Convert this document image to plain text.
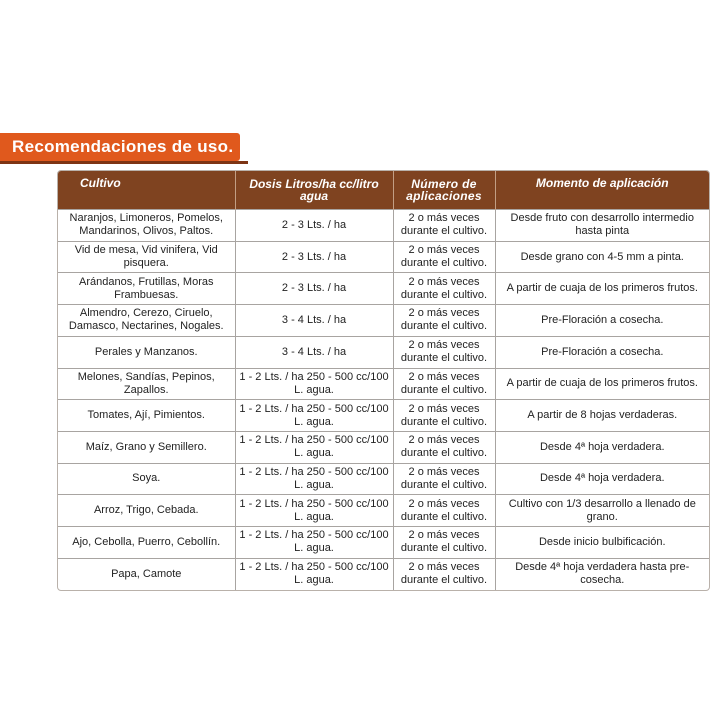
Recomendaciones de uso.
Cultivo	Dosis Litros/ha cc/litro agua	Número de aplicaciones	Momento de aplicación
Naranjos, Limoneros, Pomelos, Mandarinos, Olivos, Paltos.	2 - 3 Lts. / ha	2 o más veces durante el cultivo.	Desde fruto con desarrollo intermedio hasta pinta
Vid de mesa, Vid vinifera, Vid pisquera.	2 - 3 Lts. / ha	2 o más veces durante el cultivo.	Desde grano con 4-5 mm a pinta.
Arándanos, Frutillas, Moras Frambuesas.	2 - 3 Lts. / ha	2 o más veces durante el cultivo.	A partir de cuaja de los primeros frutos.
Almendro, Cerezo, Ciruelo, Damasco, Nectarines, Nogales.	3 - 4 Lts. / ha	2 o más veces durante el cultivo.	Pre-Floración a cosecha.
Perales y Manzanos.	3 - 4 Lts. / ha	2 o más veces durante el cultivo.	Pre-Floración a cosecha.
Melones, Sandías, Pepinos, Zapallos.	1 - 2 Lts. / ha 250 - 500 cc/100 L. agua.	2 o más veces durante el cultivo.	A partir de cuaja de los primeros frutos.
Tomates, Ají, Pimientos.	1 - 2 Lts. / ha 250 - 500 cc/100 L. agua.	2 o más veces durante el cultivo.	A partir de 8 hojas verdaderas.
Maíz, Grano y Semillero.	1 - 2 Lts. / ha 250 - 500 cc/100 L. agua.	2 o más veces durante el cultivo.	Desde 4ª hoja verdadera.
Soya.	1 - 2 Lts. / ha 250 - 500 cc/100 L. agua.	2 o más veces durante el cultivo.	Desde 4ª hoja verdadera.
Arroz, Trigo, Cebada.	1 - 2 Lts. / ha 250 - 500 cc/100 L. agua.	2 o más veces durante el cultivo.	Cultivo con 1/3 desarrollo a llenado de grano.
Ajo, Cebolla, Puerro, Cebollín.	1 - 2 Lts. / ha 250 - 500 cc/100 L. agua.	2 o más veces durante el cultivo.	Desde inicio bulbificación.
Papa, Camote	1 - 2 Lts. / ha 250 - 500 cc/100 L. agua.	2 o más veces durante el cultivo.	Desde 4ª hoja verdadera hasta pre-cosecha.
